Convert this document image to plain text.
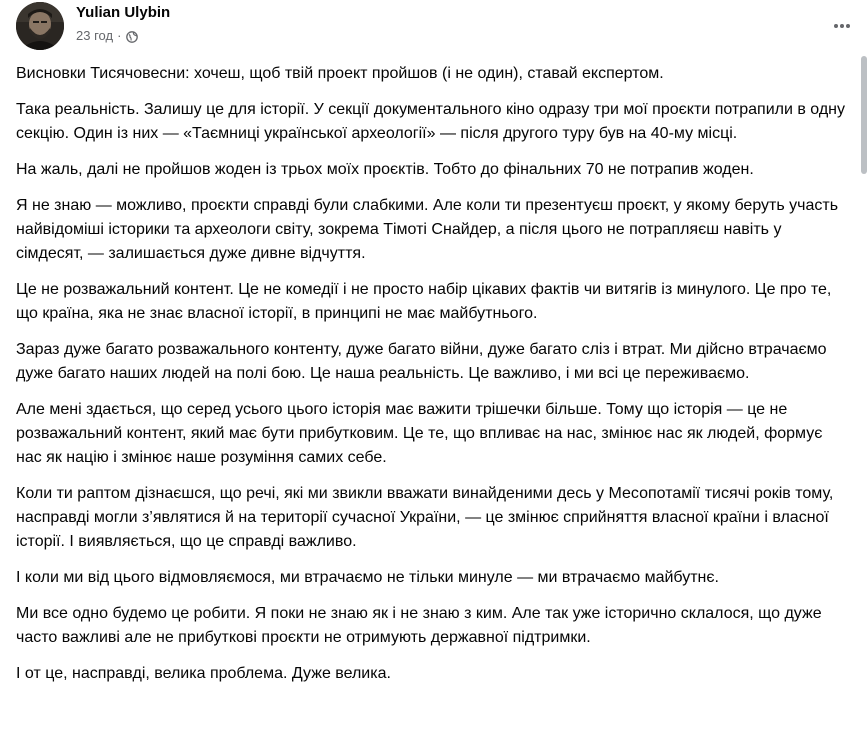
Yulian Ulybin
23 год ·

Висновки Тисячовесни: хочеш, щоб твій проект пройшов (і не один), ставай експертом.

Така реальність. Залишу це для історії. У секції документального кіно одразу три мої проєкти потрапили в одну секцію. Один із них — «Таємниці української археології» — після другого туру був на 40-му місці.

На жаль, далі не пройшов жоден із трьох моїх проєктів. Тобто до фінальних 70 не потрапив жоден.

Я не знаю — можливо, проєкти справді були слабкими. Але коли ти презентуєш проєкт, у якому беруть участь найвідоміші історики та археологи світу, зокрема Тімоті Снайдер, а після цього не потрапляєш навіть у сімдесят, — залишається дуже дивне відчуття.

Це не розважальний контент. Це не комедії і не просто набір цікавих фактів чи витягів із минулого. Це про те, що країна, яка не знає власної історії, в принципі не має майбутнього.

Зараз дуже багато розважального контенту, дуже багато війни, дуже багато сліз і втрат. Ми дійсно втрачаємо дуже багато наших людей на полі бою. Це наша реальність. Це важливо, і ми всі це переживаємо.

Але мені здається, що серед усього цього історія має важити трішечки більше. Тому що історія — це не розважальний контент, який має бути прибутковим. Це те, що впливає на нас, змінює нас як людей, формує нас як націю і змінює наше розуміння самих себе.

Коли ти раптом дізнаєшся, що речі, які ми звикли вважати винайденими десь у Месопотамії тисячі років тому, насправді могли з’являтися й на території сучасної України, — це змінює сприйняття власної країни і власної історії. І виявляється, що це справді важливо.

І коли ми від цього відмовляємося, ми втрачаємо не тільки минуле — ми втрачаємо майбутнє.

Ми все одно будемо це робити. Я поки не знаю як і не знаю з ким. Але так уже історично склалося, що дуже часто важливі але не прибуткові проєкти не отримують державної підтримки.

І от це, насправді, велика проблема. Дуже велика.
